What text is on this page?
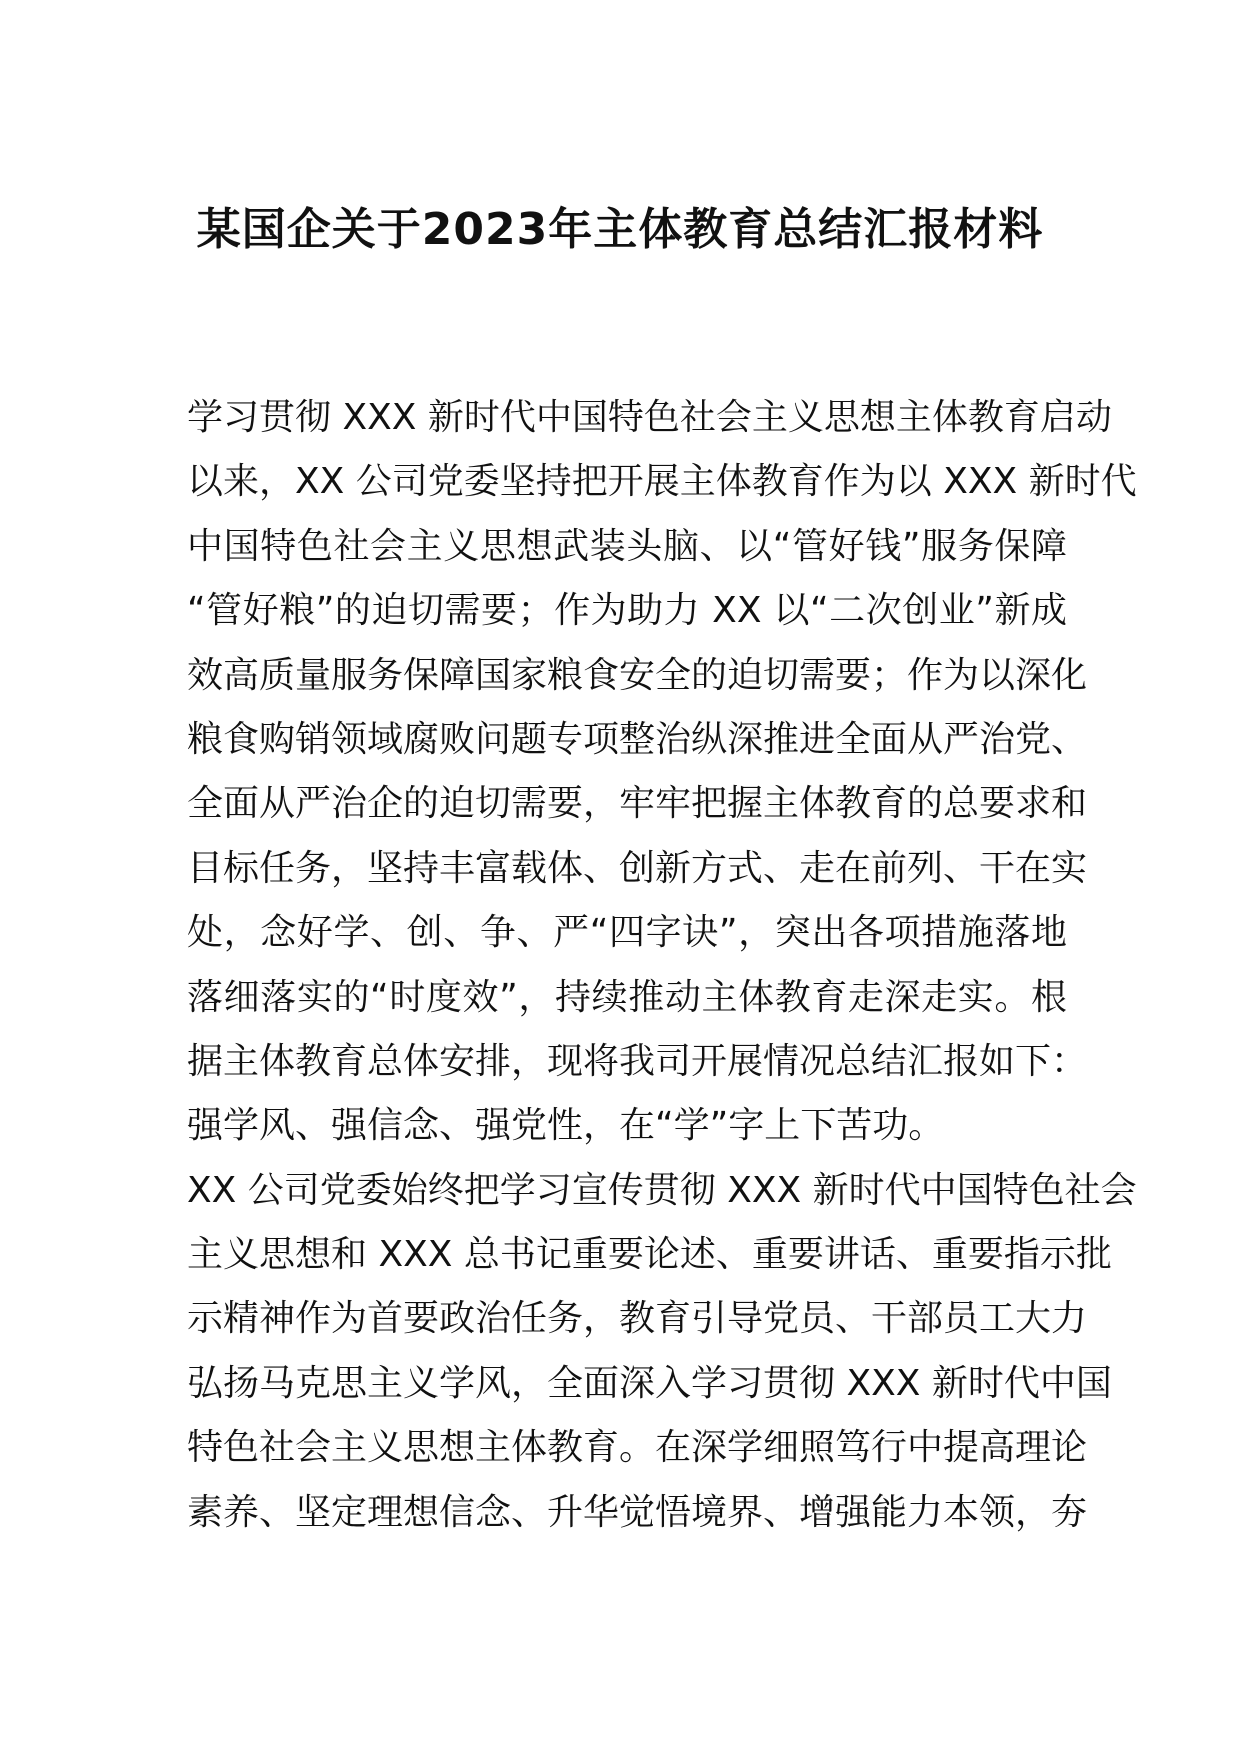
某国企关于2023年主体教育总结汇报材料
学习贯彻 XXX 新时代中国特色社会主义思想主体教育启动
以来，XX 公司党委坚持把开展主体教育作为以 XXX 新时代
中国特色社会主义思想武装头脑、以“管好钱”服务保障
“管好粮”的迫切需要；作为助力 XX 以“二次创业”新成
效高质量服务保障国家粮食安全的迫切需要；作为以深化
粮食购销领域腐败问题专项整治纵深推进全面从严治党、
全面从严治企的迫切需要，牢牢把握主体教育的总要求和
目标任务，坚持丰富载体、创新方式、走在前列、干在实
处，念好学、创、争、严“四字诀”，突出各项措施落地
落细落实的“时度效”，持续推动主体教育走深走实。根
据主体教育总体安排，现将我司开展情况总结汇报如下：
强学风、强信念、强党性，在“学”字上下苦功。
XX 公司党委始终把学习宣传贯彻 XXX 新时代中国特色社会
主义思想和 XXX 总书记重要论述、重要讲话、重要指示批
示精神作为首要政治任务，教育引导党员、干部员工大力
弘扬马克思主义学风，全面深入学习贯彻 XXX 新时代中国
特色社会主义思想主体教育。在深学细照笃行中提高理论
素养、坚定理想信念、升华觉悟境界、增强能力本领，夯
